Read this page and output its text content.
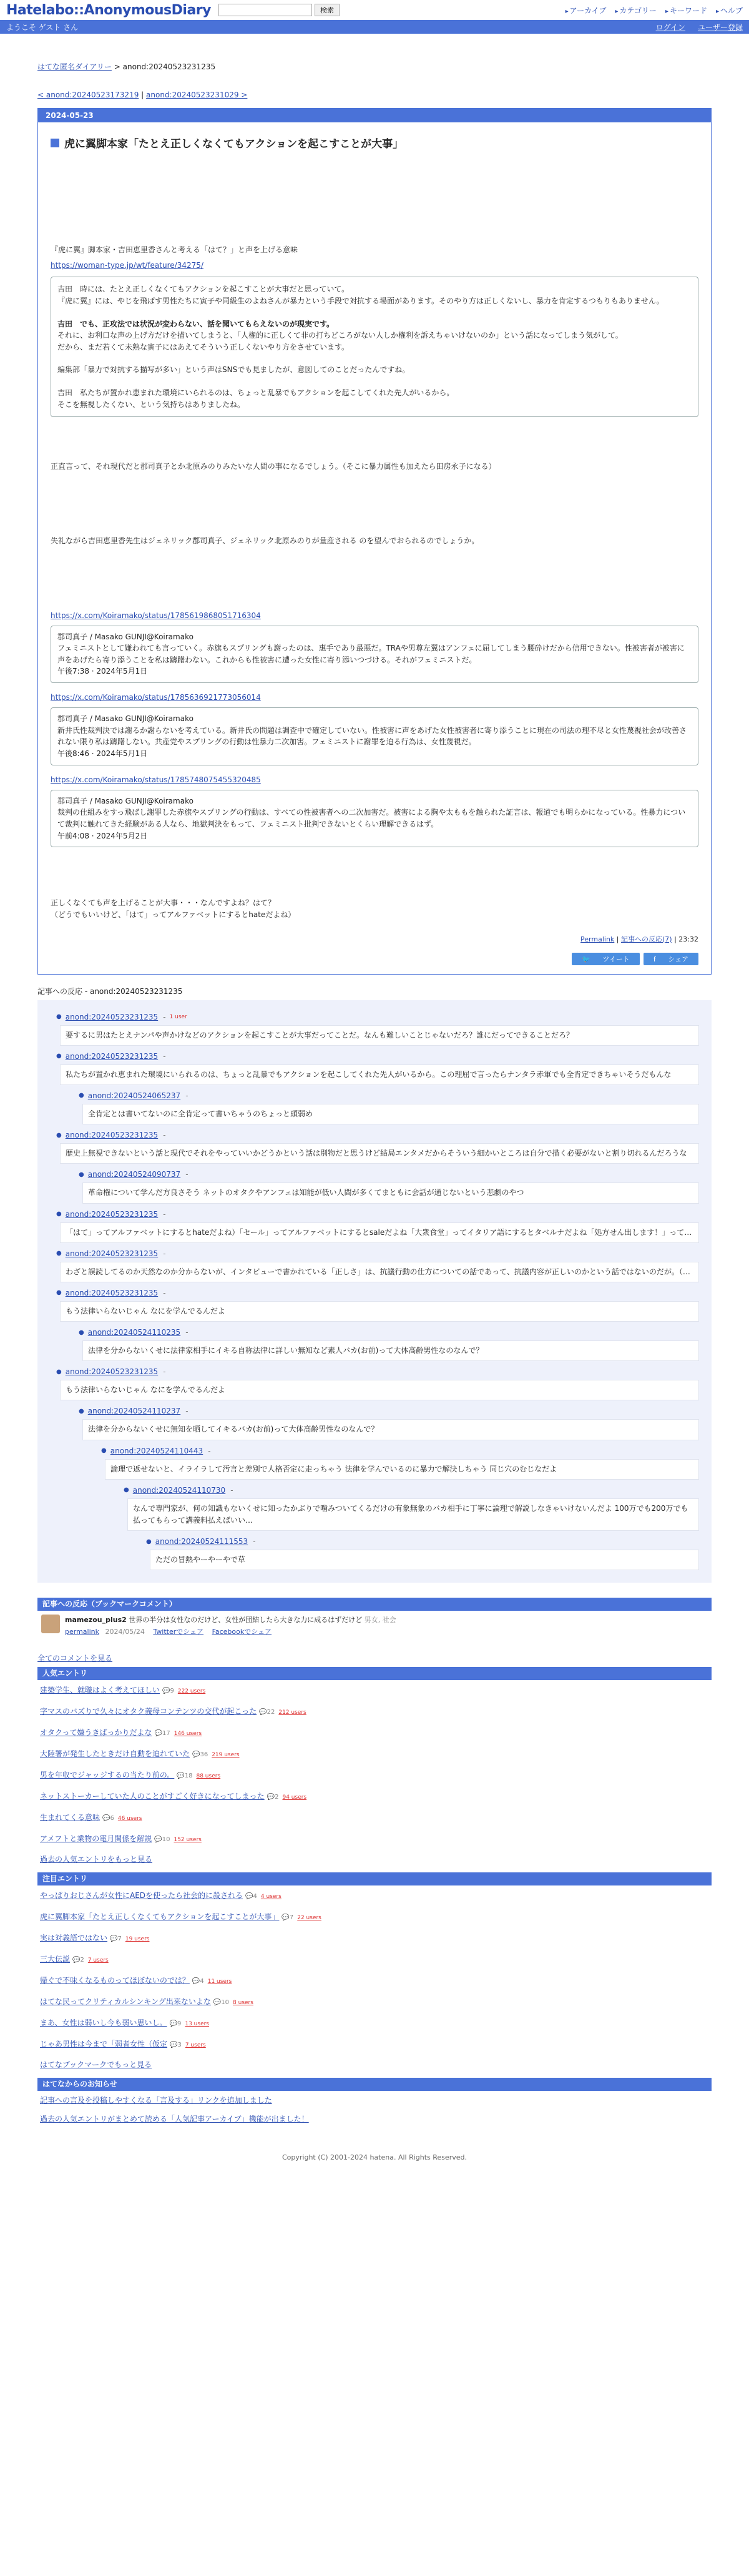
Hatelabo::AnonymousDiary	検索	▸ アーカイブ	▸ カテゴリー	▸ キーワード	▸ ヘルプ
ようこそ ゲスト さん	ログイン ユーザー登録
はてな匿名ダイアリー > anond:20240523231235
< anond:20240523173219 | anond:20240523231029 >
2024-05-23
虎に翼脚本家「たとえ正しくなくてもアクションを起こすことが大事」

『虎に翼』脚本家・吉田恵里香さんと考える「はて？」と声を上げる意味

https://woman-type.jp/wt/feature/34275/

吉田　時には、たとえ正しくなくてもアクションを起こすことが大事だと思っていて。

『虎に翼』には、やじを飛ばす男性たちに寅子や同級生のよねさんが暴力という手段で対抗する場面があります。そのやり方は正しくないし、暴力を肯定するつもりもありません。

吉田　でも、正攻法では状況が変わらない、話を聞いてもらえないのが現実です。

それに、お利口な声の上げ方だけを描いてしまうと、「人権的に正しくて非の打ちどころがない人しか権利を訴えちゃいけないのか」という話になってしまう気がして。

だから、まだ若くて未熟な寅子にはあえてそういう正しくないやり方をさせています。

編集部「暴力で対抗する描写が多い」という声はSNSでも見ましたが、意図してのことだったんですね。

吉田　私たちが置かれ恵まれた環境にいられるのは、ちょっと乱暴でもアクションを起こしてくれた先人がいるから。

そこを無視したくない、という気持ちはありましたね。

正直言って、それ現代だと郡司真子とか北原みのりみたいな人間の事になるでしょう。（そこに暴力属性も加えたら田房永子になる）

失礼ながら吉田恵里香先生はジェネリック郡司真子、ジェネリック北原みのりが量産される のを望んでおられるのでしょうか。

https://x.com/Koiramako/status/1785619868051716304

郡司真子 / Masako GUNJI@Koiramako

フェミニストとして嫌われても言っていく。赤旗もスプリングも謝ったのは、惠手であり最悪だ。TRAや男尊左翼はアンフェに屈してしまう腰砕けだから信用できない。性被害者が被害に声をあげたら寄り添うことを私は躊躇わない。これからも性被害に遭った女性に寄り添いつづける。それがフェミニストだ。

午後7:38 · 2024年5月1日

https://x.com/Koiramako/status/1785636921773056014

郡司真子 / Masako GUNJI@Koiramako

新井氏性裁判決では謝るか謝らないを考えている。新井氏の問題は調査中で確定していない。性被害に声をあげた女性被害者に寄り添うことに現在の司法の理不尽と女性蔑視社会が改善されない限り私は躊躇しない。共産党やスプリングの行動は性暴力二次加害。フェミニストに謝罪を迫る行為は、女性蔑視だ。

午後8:46 · 2024年5月1日

https://x.com/Koiramako/status/1785748075455320485

郡司真子 / Masako GUNJI@Koiramako

裁判の仕組みをすっ飛ばし謝罪した赤旗やスプリングの行動は、すべての性被害者への二次加害だ。被害による胸や太ももを触られた証言は、報道でも明らかになっている。性暴力について裁判に触れてきた経験がある人なら、地獄判決をもって、フェミニスト批判できないとくらい理解できるはず。

午前4:08 · 2024年5月2日

正しくなくても声を上げることが大事・・・なんですよね？はて？

（どうでもいいけど、「はて」ってアルファベットにするとhateだよね）

Permalink | 記事への反応(7) | 23:32
🐦 ツイート	f シェア
記事への反応 - anond:20240523231235
● anond:20240523231235 - 1 user
要するに男はたとえナンパや声かけなどのアクションを起こすことが大事だってことだ。なんも難しいことじゃないだろ？誰にだってできることだろ？
● anond:20240523231235 -
私たちが置かれ恵まれた環境にいられるのは、ちょっと乱暴でもアクションを起こしてくれた先人がいるから。この理屈で言ったらナンタラ赤軍でも全肯定できちゃいそうだもんな
● anond:20240524065237 -
全肯定とは書いてないのに全肯定って書いちゃうのちょっと頭弱め
● anond:20240523231235 -
歴史上無視できないという話と現代でそれをやっていいかどうかという話は別物だと思うけど結局エンタメだからそういう細かいところは自分で描く必要がないと割り切れるんだろうな
● anond:20240524090737 -
革命権について学んだ方良さそう ネットのオタクやアンフェは知能が低い人間が多くてまともに会話が通じないという悲劇のやつ
● anond:20240523231235 -
「はて」ってアルファベットにするとhateだよね）「セール」ってアルファベットにするとsaleだよね「大衆食堂」ってイタリア語にするとタベルナだよね「処方せん出します！」って…
● anond:20240523231235 -
わざと誤読してるのか天然なのか分からないが、インタビューで書かれている「正しさ」は、抗議行動の仕方についての話であって、抗議内容が正しいのかという話ではないのだが。（…
● anond:20240523231235 -
もう法律いらないじゃん なにを学んでるんだよ
● anond:20240524110235 -
法律を分からないくせに法律家相手にイキる自称法律に詳しい無知など素人バカ(お前)って大体高齢男性なのなんで？
● anond:20240523231235 -
もう法律いらないじゃん なにを学んでるんだよ
● anond:20240524110237 -
法律を分からないくせに無知を晒してイキるバカ(お前)って大体高齢男性なのなんで？
● anond:20240524110443 -
論理で返せないと、イライラして汚言と差別で人格否定に走っちゃう 法律を学んでいるのに暴力で解決しちゃう 同じ穴のむじなだよ
● anond:20240524110730 -
なんで専門家が、何の知識もないくせに知ったかぶりで噛みついてくるだけの有象無象のバカ相手に丁寧に論理で解説しなきゃいけないんだよ 100万でも200万でも払ってもらって講義料払えばいい…
● anond:20240524111553 -
ただの冒熱やーやーやで草
記事への反応（ブックマークコメント）
mamezou_plus2 世界の半分は女性なのだけど、女性が団結したら大きな力に成るはずだけど 男女, 社会
permalink 2024/05/24 Twitterでシェア Facebookでシェア
全てのコメントを見る
人気エントリ
建築学生、就職はよく考えてほしい 💬9 222 users
字マスのバズりで久々にオタク義母コンテンツの交代が起こった 💬22 212 users
オタクって嫌うきばっかりだよな 💬17 146 users
大陸署が発生したときだけ自動を迫れていた 💬36 219 users
男を年収でジャッジするの当たり前の。 💬18 88 users
ネットストーカーしていた人のことがすごく好きになってしまった 💬2 94 users
生まれてくる意味 💬6 46 users
アメフトと業物の電月関係を解説 💬10 152 users
過去の人気エントリをもっと見る
注目エントリ
やっぱりおじさんが女性にAEDを使ったら社会的に殺される 💬4 4 users
虎に翼脚本家「たとえ正しくなくてもアクションを起こすことが大事」 💬7 22 users
実は対義語ではない 💬7 19 users
三大伝説 💬2 7 users
帰ぐで不味くなるものってほぼないのでは？ 💬4 11 users
はてな民ってクリティカルシンキング出来ないよな 💬10 8 users
まあ、女性は弱いし今も弱い思いし。 💬9 13 users
じゃあ男性は今まで「弱者女性（仮定 💬3 7 users
はてなブックマークでもっと見る
はてなからのお知らせ
記事への言及を投稿しやすくなる「言及する」リンクを追加しました
過去の人気エントリがまとめて読める「人気記事アーカイブ」機能が出ました！
Copyright (C) 2001-2024 hatena. All Rights Reserved.
